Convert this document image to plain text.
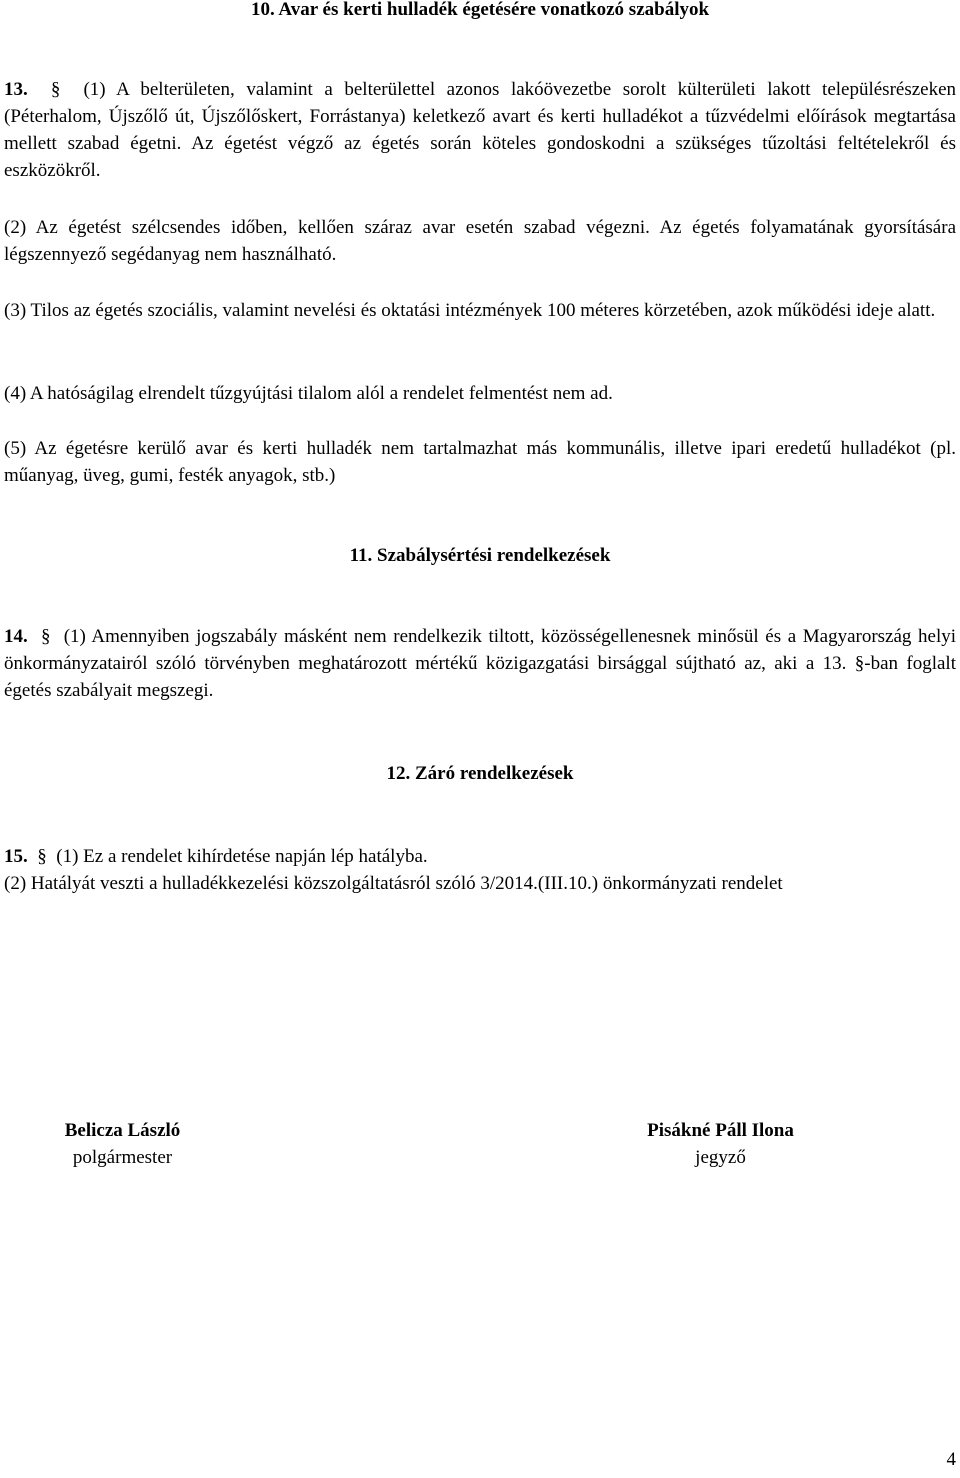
10. Avar és kerti hulladék égetésére vonatkozó szabályok

13.  §  (1) A belterületen, valamint a belterülettel azonos lakóövezetbe sorolt külterületi lakott településrészeken (Péterhalom, Újszőlő út, Újszőlőskert, Forrástanya) keletkező avart és kerti hulladékot a tűzvédelmi előírások megtartása mellett szabad égetni. Az égetést végző az égetés során köteles gondoskodni a szükséges tűzoltási feltételekről és eszközökről.

(2) Az égetést szélcsendes időben, kellően száraz avar esetén szabad végezni. Az égetés folyamatának gyorsítására légszennyező segédanyag nem használható.

(3) Tilos az égetés szociális, valamint nevelési és oktatási intézmények 100 méteres körzetében, azok működési ideje alatt.

(4) A hatóságilag elrendelt tűzgyújtási tilalom alól a rendelet felmentést nem ad.

(5) Az égetésre kerülő avar és kerti hulladék nem tartalmazhat más kommunális, illetve ipari eredetű hulladékot (pl. műanyag, üveg, gumi, festék anyagok, stb.)

11. Szabálysértési rendelkezések

14.  §  (1) Amennyiben jogszabály másként nem rendelkezik tiltott, közösségellenesnek minősül és a Magyarország helyi önkormányzatairól szóló törvényben meghatározott mértékű közigazgatási birsággal sújtható az, aki a 13. §-ban foglalt égetés szabályait megszegi.

12. Záró rendelkezések

15.  §  (1) Ez a rendelet kihírdetése napján lép hatályba.

(2) Hatályát veszti a hulladékkezelési közszolgáltatásról szóló 3/2014.(III.10.) önkormányzati rendelet

Belicza László
polgármester
Pisákné Páll Ilona
jegyző
4
